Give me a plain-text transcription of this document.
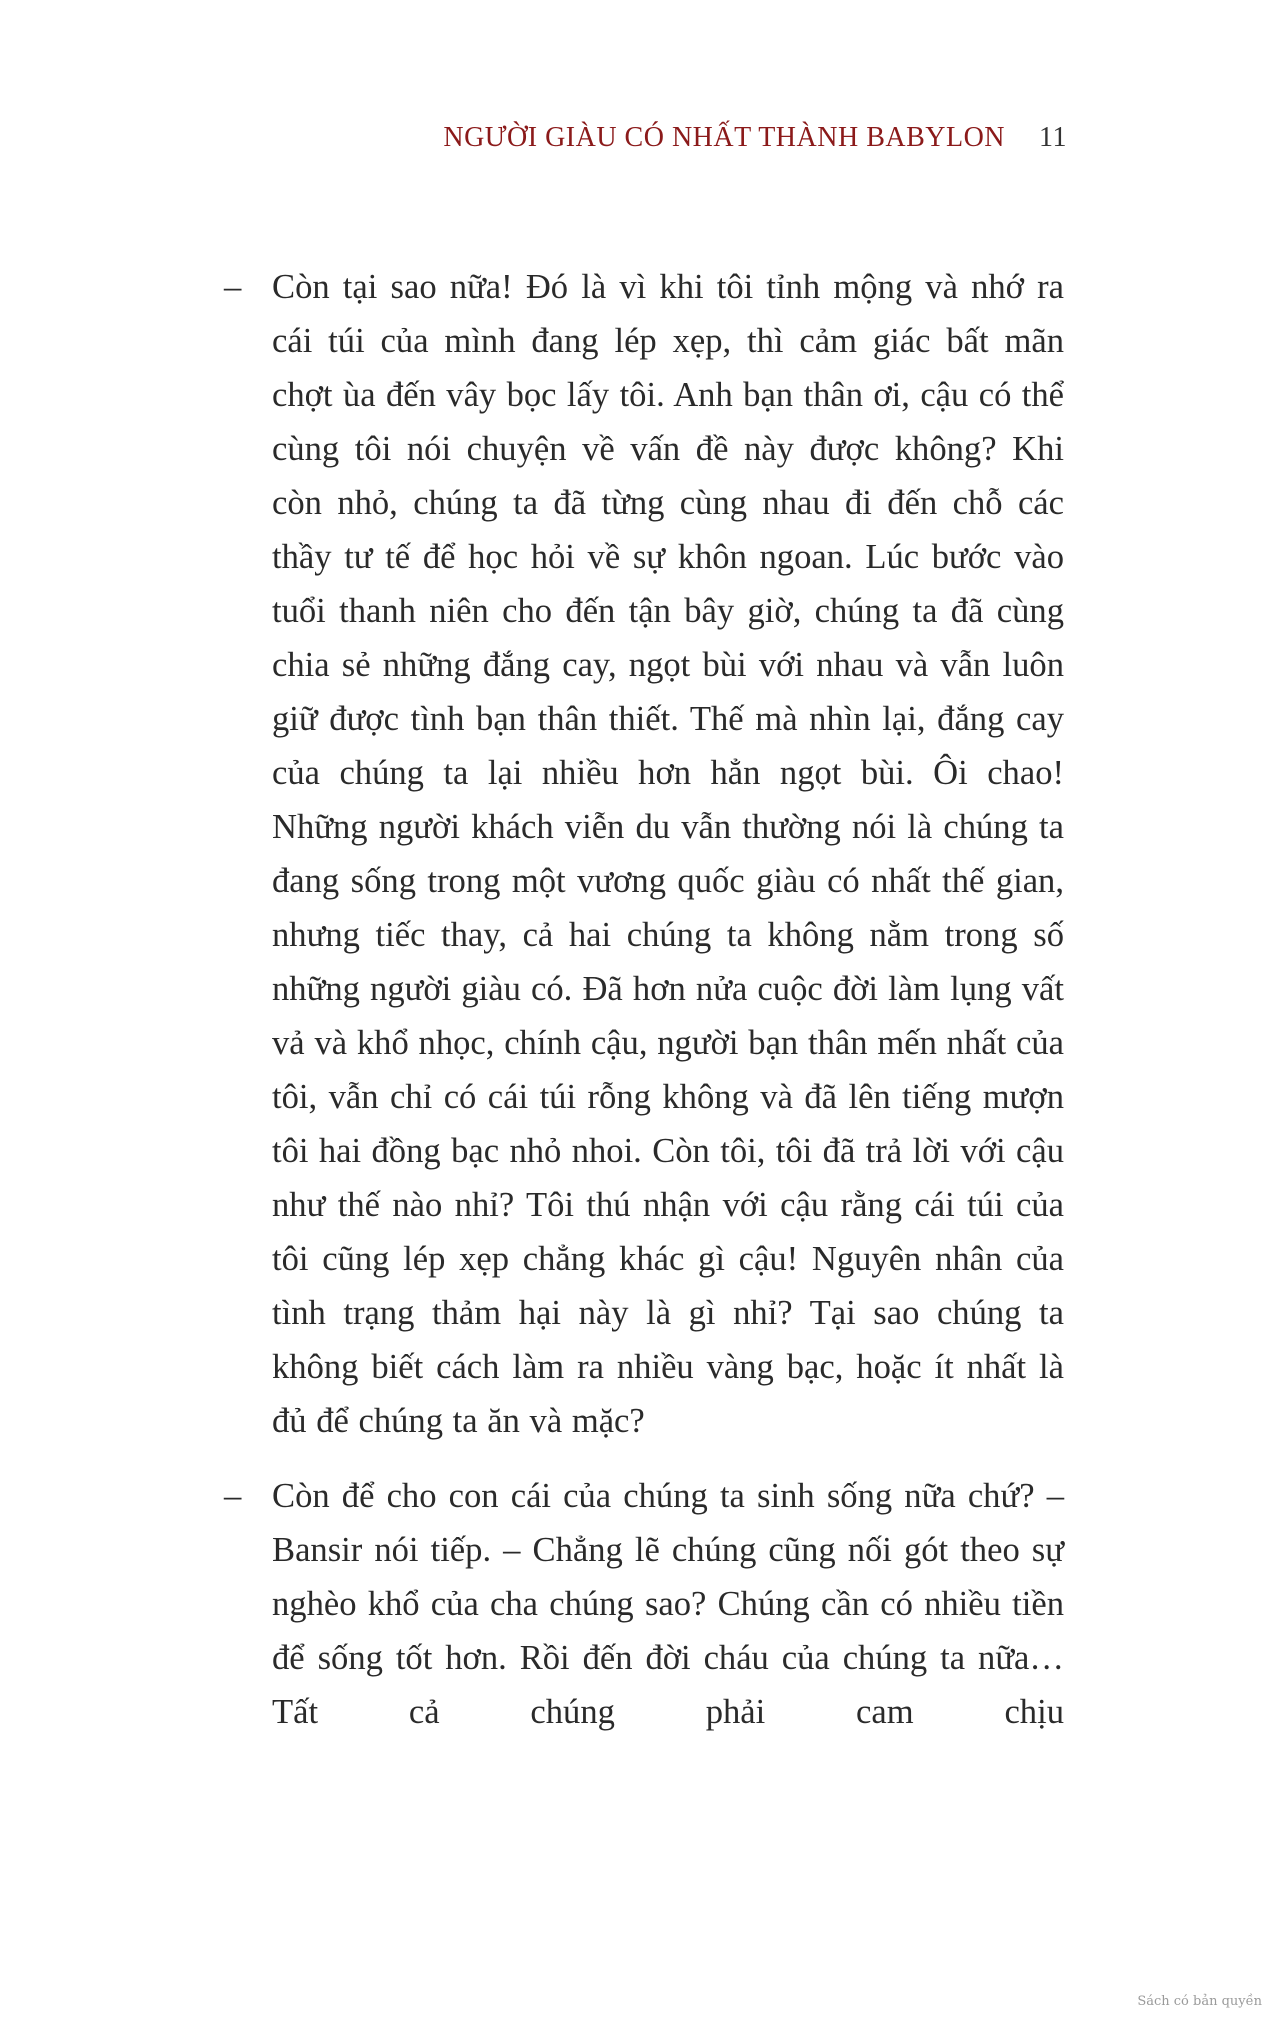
NGƯỜI GIÀU CÓ NHẤT THÀNH BABYLON 11

– Còn tại sao nữa! Đó là vì khi tôi tỉnh mộng và nhớ ra cái túi của mình đang lép xẹp, thì cảm giác bất mãn chợt ùa đến vây bọc lấy tôi. Anh bạn thân ơi, cậu có thể cùng tôi nói chuyện về vấn đề này được không? Khi còn nhỏ, chúng ta đã từng cùng nhau đi đến chỗ các thầy tư tế để học hỏi về sự khôn ngoan. Lúc bước vào tuổi thanh niên cho đến tận bây giờ, chúng ta đã cùng chia sẻ những đắng cay, ngọt bùi với nhau và vẫn luôn giữ được tình bạn thân thiết. Thế mà nhìn lại, đắng cay của chúng ta lại nhiều hơn hẳn ngọt bùi. Ôi chao! Những người khách viễn du vẫn thường nói là chúng ta đang sống trong một vương quốc giàu có nhất thế gian, nhưng tiếc thay, cả hai chúng ta không nằm trong số những người giàu có. Đã hơn nửa cuộc đời làm lụng vất vả và khổ nhọc, chính cậu, người bạn thân mến nhất của tôi, vẫn chỉ có cái túi rỗng không và đã lên tiếng mượn tôi hai đồng bạc nhỏ nhoi. Còn tôi, tôi đã trả lời với cậu như thế nào nhỉ? Tôi thú nhận với cậu rằng cái túi của tôi cũng lép xẹp chẳng khác gì cậu! Nguyên nhân của tình trạng thảm hại này là gì nhỉ? Tại sao chúng ta không biết cách làm ra nhiều vàng bạc, hoặc ít nhất là đủ để chúng ta ăn và mặc?

– Còn để cho con cái của chúng ta sinh sống nữa chứ? – Bansir nói tiếp. – Chẳng lẽ chúng cũng nối gót theo sự nghèo khổ của cha chúng sao? Chúng cần có nhiều tiền để sống tốt hơn. Rồi đến đời cháu của chúng ta nữa… Tất cả chúng phải cam chịu

Sách có bản quyền
